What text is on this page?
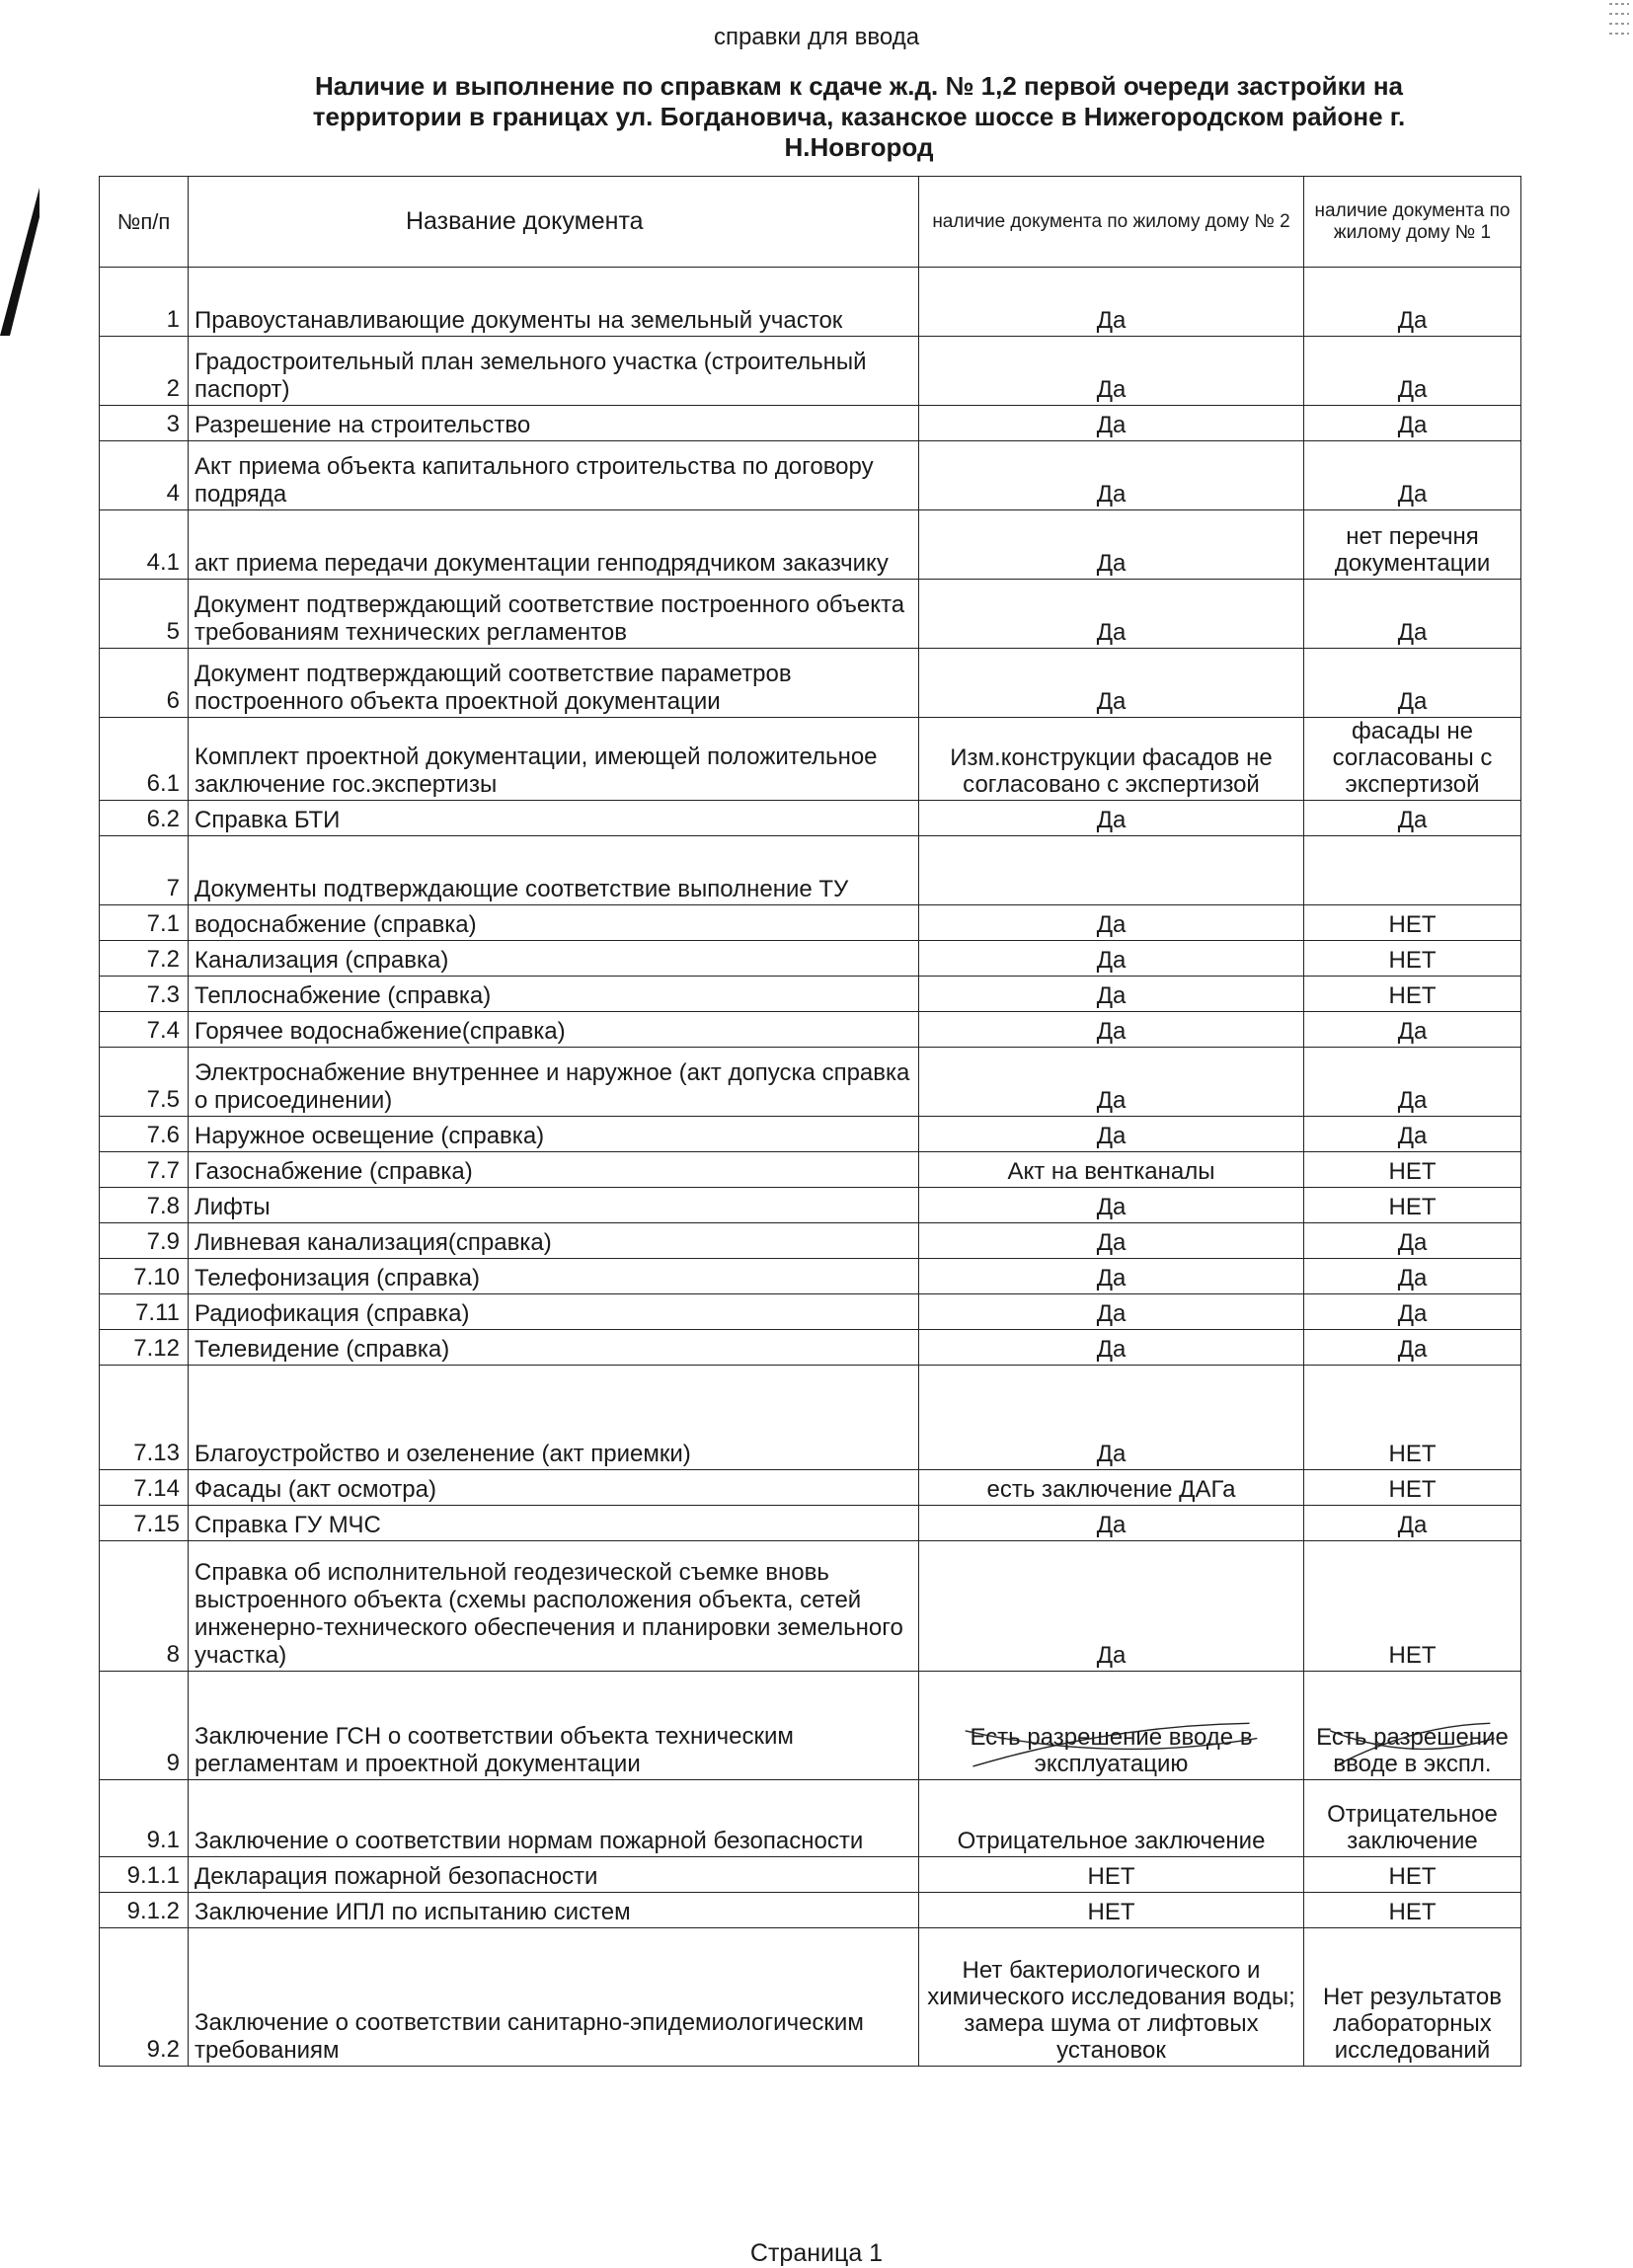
справки для ввода
Наличие и выполнение по справкам к сдаче ж.д. № 1,2 первой очереди застройки на
территории в границах ул. Богдановича, казанское шоссе в Нижегородском районе г.
Н.Новгород
№п/п	Название документа	наличие документа по жилому дому № 2	наличие документа по жилому дому № 1
1	Правоустанавливающие документы на земельный участок	Да	Да
2	Градостроительный план земельного участка (строительный паспорт)	Да	Да
3	Разрешение на строительство	Да	Да
4	Акт приема объекта капитального строительства по договору подряда	Да	Да
4.1	акт приема передачи документации генподрядчиком заказчику	Да	нет перечня документации
5	Документ подтверждающий соответствие построенного объекта требованиям технических регламентов	Да	Да
6	Документ подтверждающий соответствие параметров построенного объекта проектной документации	Да	Да
6.1	Комплект проектной документации, имеющей положительное заключение гос.экспертизы	Изм.конструкции фасадов не согласовано с экспертизой	фасады не согласованы с экспертизой
6.2	Справка БТИ	Да	Да
7	Документы подтверждающие соответствие выполнение ТУ		
7.1	водоснабжение (справка)	Да	НЕТ
7.2	Канализация (справка)	Да	НЕТ
7.3	Теплоснабжение (справка)	Да	НЕТ
7.4	Горячее водоснабжение(справка)	Да	Да
7.5	Электроснабжение внутреннее и наружное (акт допуска справка о присоединении)	Да	Да
7.6	Наружное освещение (справка)	Да	Да
7.7	Газоснабжение (справка)	Акт на вентканалы	НЕТ
7.8	Лифты	Да	НЕТ
7.9	Ливневая канализация(справка)	Да	Да
7.10	Телефонизация (справка)	Да	Да
7.11	Радиофикация (справка)	Да	Да
7.12	Телевидение (справка)	Да	Да
7.13	Благоустройство и озеленение (акт приемки)	Да	НЕТ
7.14	Фасады (акт осмотра)	есть заключение ДАГа	НЕТ
7.15	Справка ГУ МЧС	Да	Да
8	Справка об исполнительной геодезической съемке вновь выстроенного объекта (схемы расположения объекта, сетей инженерно-технического обеспечения и планировки земельного участка)	Да	НЕТ
9	Заключение ГСН о соответствии объекта техническим регламентам и проектной документации	Есть разрешение вводе в эксплуатацию	Есть разрешение вводе в экспл.

9.1	Заключение о соответствии нормам пожарной безопасности	Отрицательное заключение	Отрицательное заключение
9.1.1	Декларация пожарной безопасности	НЕТ	НЕТ
9.1.2	Заключение ИПЛ по испытанию систем	НЕТ	НЕТ
9.2	Заключение о соответствии санитарно-эпидемиологическим требованиям	Нет бактериологического и химического исследования воды; замера шума от лифтовых установок	Нет результатов лабораторных исследований
Страница 1
